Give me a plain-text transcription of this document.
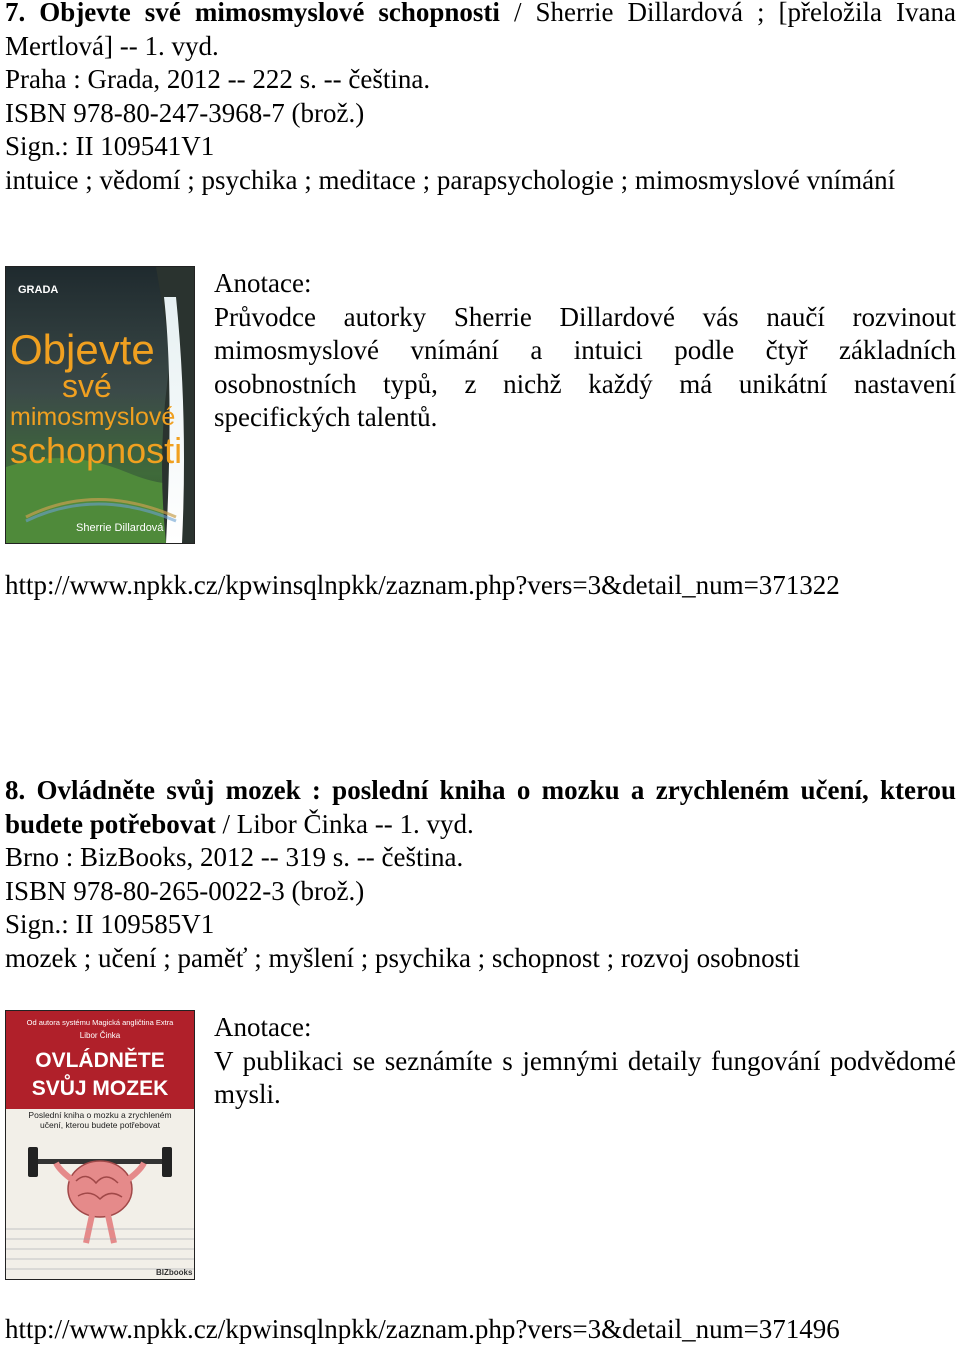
7. Objevte své mimosmyslové schopnosti / Sherrie Dillardová ; [přeložila Ivana Mertlová] -- 1. vyd.
Praha : Grada, 2012 -- 222 s. -- čeština.
ISBN 978-80-247-3968-7 (brož.)
Sign.: II 109541V1
intuice ; vědomí ; psychika ; meditace ; parapsychologie ; mimosmyslové vnímání
GRADA
Objevte
své
mimosmyslové
schopnosti
Sherrie Dillardová
Anotace:
Průvodce autorky Sherrie Dillardové vás naučí rozvinout mimosmyslové vnímání a intuici podle čtyř základních osobnostních typů, z nichž každý má unikátní nastavení specifických talentů.
http://www.npkk.cz/kpwinsqlnpkk/zaznam.php?vers=3&detail_num=371322
8. Ovládněte svůj mozek : poslední kniha o mozku a zrychleném učení, kterou budete potřebovat / Libor Činka -- 1. vyd.
Brno : BizBooks, 2012 -- 319 s. -- čeština.
ISBN 978-80-265-0022-3 (brož.)
Sign.: II 109585V1
mozek ; učení ; paměť ; myšlení ; psychika ; schopnost ; rozvoj osobnosti
Od autora systému Magická angličtina Extra
Libor Činka
OVLÁDNĚTE
SVŮJ MOZEK
Poslední kniha o mozku a zrychleném učení, kterou budete potřebovat
BIZbooks
Anotace:
V publikaci se seznámíte s jemnými detaily fungování podvědomé mysli.
http://www.npkk.cz/kpwinsqlnpkk/zaznam.php?vers=3&detail_num=371496
